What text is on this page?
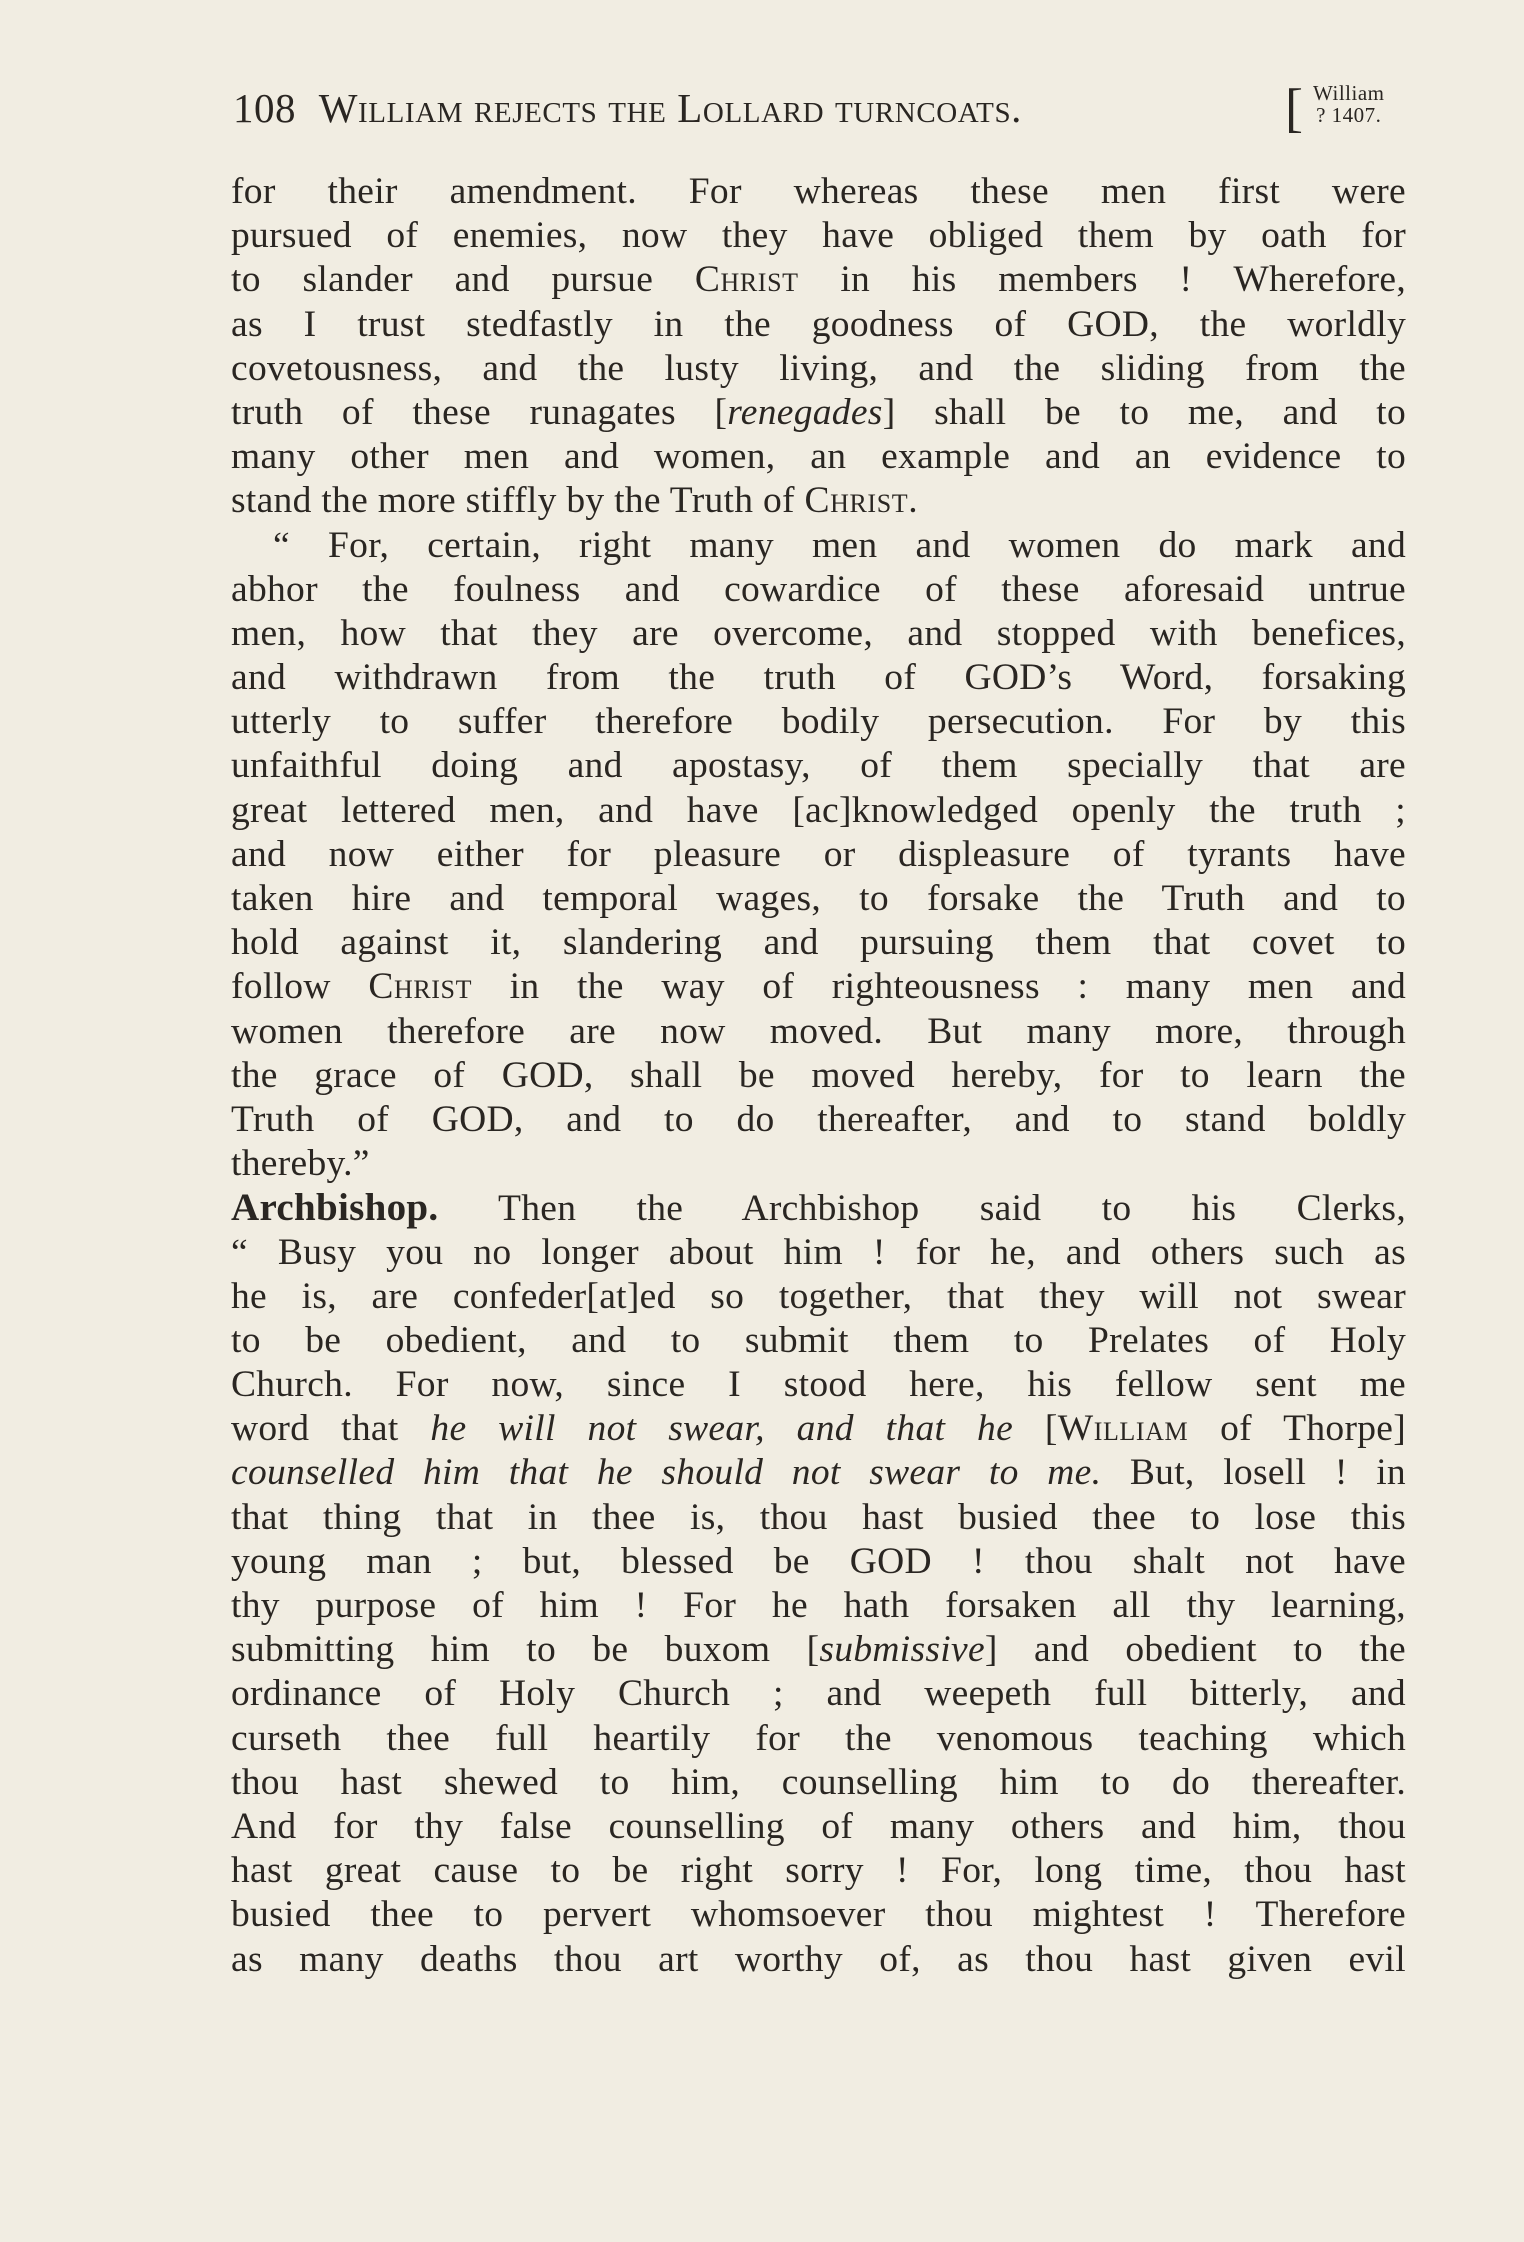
108 William rejects the Lollard turncoats.	[ William
? 1407.
for their amendment. For whereas these men first were
pursued of enemies, now they have obliged them by oath for
to slander and pursue Christ in his members ! Wherefore,
as I trust stedfastly in the goodness of GOD, the worldly
covetousness, and the lusty living, and the sliding from the
truth of these runagates [renegades] shall be to me, and to
many other men and women, an example and an evidence to
stand the more stiffly by the Truth of Christ.
“ For, certain, right many men and women do mark and
abhor the foulness and cowardice of these aforesaid untrue
men, how that they are overcome, and stopped with benefices,
and withdrawn from the truth of GOD’s Word, forsaking
utterly to suffer therefore bodily persecution. For by this
unfaithful doing and apostasy, of them specially that are
great lettered men, and have [ac]knowledged openly the truth ;
and now either for pleasure or displeasure of tyrants have
taken hire and temporal wages, to forsake the Truth and to
hold against it, slandering and pursuing them that covet to
follow Christ in the way of righteousness : many men and
women therefore are now moved. But many more, through
the grace of GOD, shall be moved hereby, for to learn the
Truth of GOD, and to do thereafter, and to stand boldly
thereby.”
Archbishop. Then the Archbishop said to his Clerks,
“ Busy you no longer about him ! for he, and others such as
he is, are confeder[at]ed so together, that they will not swear
to be obedient, and to submit them to Prelates of Holy
Church. For now, since I stood here, his fellow sent me
word that he will not swear, and that he [William of Thorpe]
counselled him that he should not swear to me. But, losell ! in
that thing that in thee is, thou hast busied thee to lose this
young man ; but, blessed be GOD ! thou shalt not have
thy purpose of him ! For he hath forsaken all thy learning,
submitting him to be buxom [submissive] and obedient to the
ordinance of Holy Church ; and weepeth full bitterly, and
curseth thee full heartily for the venomous teaching which
thou hast shewed to him, counselling him to do thereafter.
And for thy false counselling of many others and him, thou
hast great cause to be right sorry ! For, long time, thou hast
busied thee to pervert whomsoever thou mightest ! Therefore
as many deaths thou art worthy of, as thou hast given evil
